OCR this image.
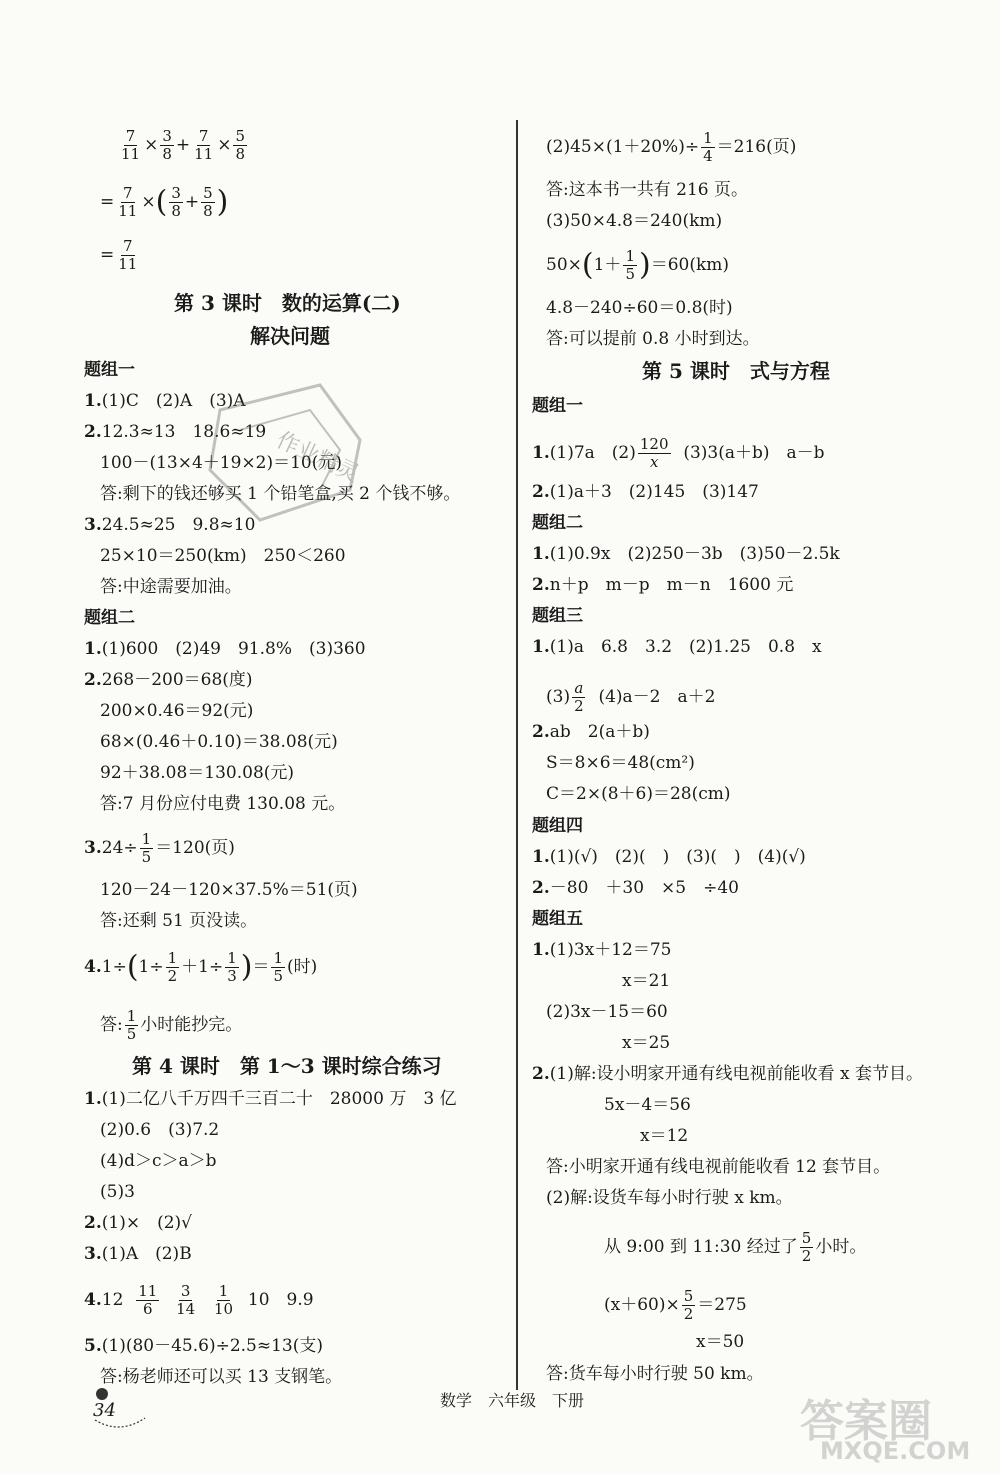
$\frac{7}{11} \times \frac{3}{8} + \frac{7}{11} \times \frac{5}{8}$
= $\frac{7}{11}$ ×( $\frac{3}{8} + \frac{5}{8}$ )
= $\frac{7}{11}$
第 3 课时　数的运算(二)
解决问题
题组一
1.(1)C　(2)A　(3)A
2.12.3≈13　18.6≈19
100－(13×4＋19×2)＝10(元)
答:剩下的钱还够买 1 个铅笔盒,买 2 个钱不够。
3.24.5≈25　9.8≈10
25×10＝250(km)　250＜260
答:中途需要加油。
题组二
1.(1)600　(2)49　91.8%　(3)360
2.268－200＝68(度)
200×0.46＝92(元)
68×(0.46＋0.10)＝38.08(元)
92＋38.08＝130.08(元)
答:7 月份应付电费 130.08 元。
$3.24\div \frac{1}{5} =120$(页)
120－24－120×37.5%＝51(页)
答:还剩 51 页没读。
$4.1\div(1\div \frac{1}{2} +1\div \frac{1}{3}$ )＝ $\frac{1}{5}$ (时)
答: $\frac{1}{5}$ 小时能抄完。
第 4 课时　第 1～3 课时综合练习
1.(1)二亿八千万四千三百二十　28000 万　3 亿
(2)0.6　(3)7.2
(4)d＞c＞a＞b
(5)3
2.(1)×　(2)√
3.(1)A　(2)B
$4.12 \frac{11}{6}$
$\frac{3}{14}$
$\frac{1}{10} 10$　9.9
5.(1)(80－45.6)÷2.5≈13(支)
答:杨老师还可以买 13 支钢笔。
$(2)45\times(1+20\%)\div \frac{1}{4} =216$(页)
答:这本书一共有 216 页。
(3)50×4.8＝240(km)
$50\times(1+ \frac{1}{5} )=60(km)$
4.8－240÷60＝0.8(时)
答:可以提前 0.8 小时到达。
第 5 课时　式与方程
题组一
1.(1)7a　$(2) \frac{120}{x} (3)3(a+b)$　a－b
2.(1)a＋3　(2)145　(3)147
题组二
1.(1)0.9x　(2)250－3b　(3)50－2.5k
2.n＋p　m－p　m－n　1600 元
题组三
1.(1)a　6.8　3.2　(2)1.25　0.8　x
$(3) \frac{a}{2} (4)a-2$　a＋2
2.ab　2(a＋b)
S＝8×6＝48(cm²)
C＝2×(8＋6)＝28(cm)
题组四
1.(1)(√)　(2)(　)　(3)(　)　(4)(√)
2.－80　＋30　×5　÷40
题组五
1.(1)3x＋12＝75
x＝21
(2)3x－15＝60
x＝25
2.(1)解:设小明家开通有线电视前能收看 x 套节目。
5x－4＝56
x＝12
答:小明家开通有线电视前能收看 12 套节目。
(2)解:设货车每小时行驶 x km。
从 9:00 到 11:30 经过了 $\frac{5}{2}$ 小时。
$(x+60)\times \frac{5}{2} =275$
x＝50
答:货车每小时行驶 50 km。
作业精灵
数学　六年级　下册
34	答案圈
MXQE.COM
